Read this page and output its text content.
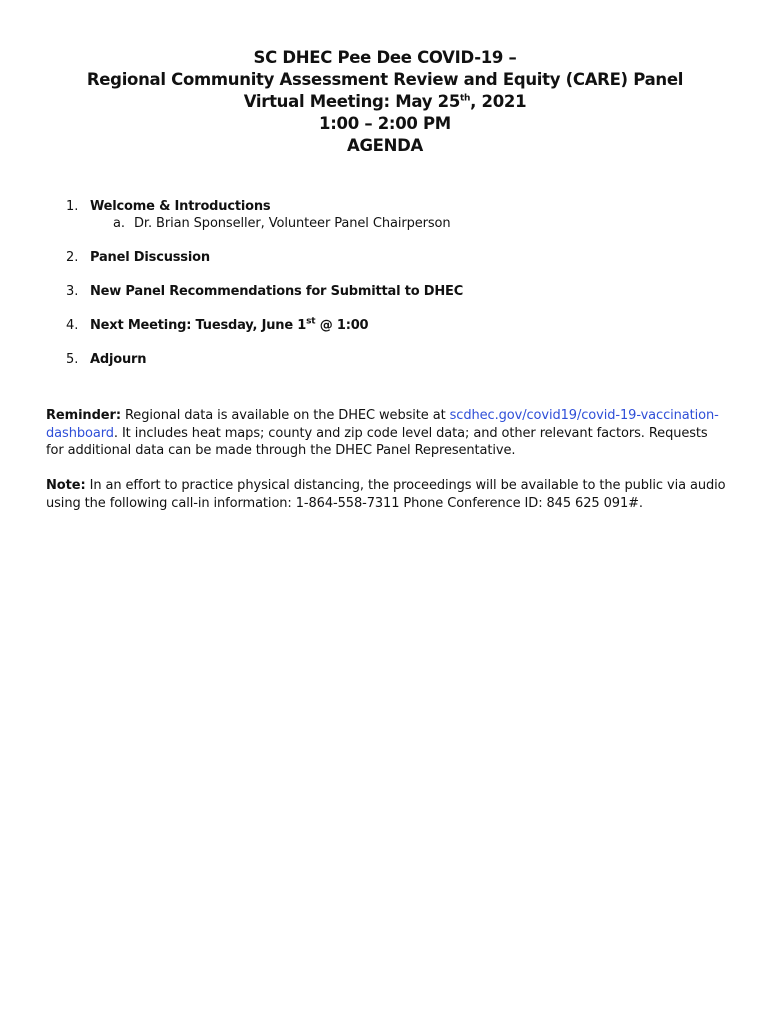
SC DHEC Pee Dee COVID-19 –
Regional Community Assessment Review and Equity (CARE) Panel
Virtual Meeting: May 25th, 2021
1:00 – 2:00 PM
AGENDA
1. Welcome & Introductions
a. Dr. Brian Sponseller, Volunteer Panel Chairperson
2. Panel Discussion
3. New Panel Recommendations for Submittal to DHEC
4. Next Meeting: Tuesday, June 1st @ 1:00
5. Adjourn

Reminder: Regional data is available on the DHEC website at scdhec.gov/covid19/covid-19-vaccination-dashboard. It includes heat maps; county and zip code level data; and other relevant factors. Requests for additional data can be made through the DHEC Panel Representative.

Note: In an effort to practice physical distancing, the proceedings will be available to the public via audio using the following call-in information: 1-864-558-7311 Phone Conference ID: 845 625 091#.
